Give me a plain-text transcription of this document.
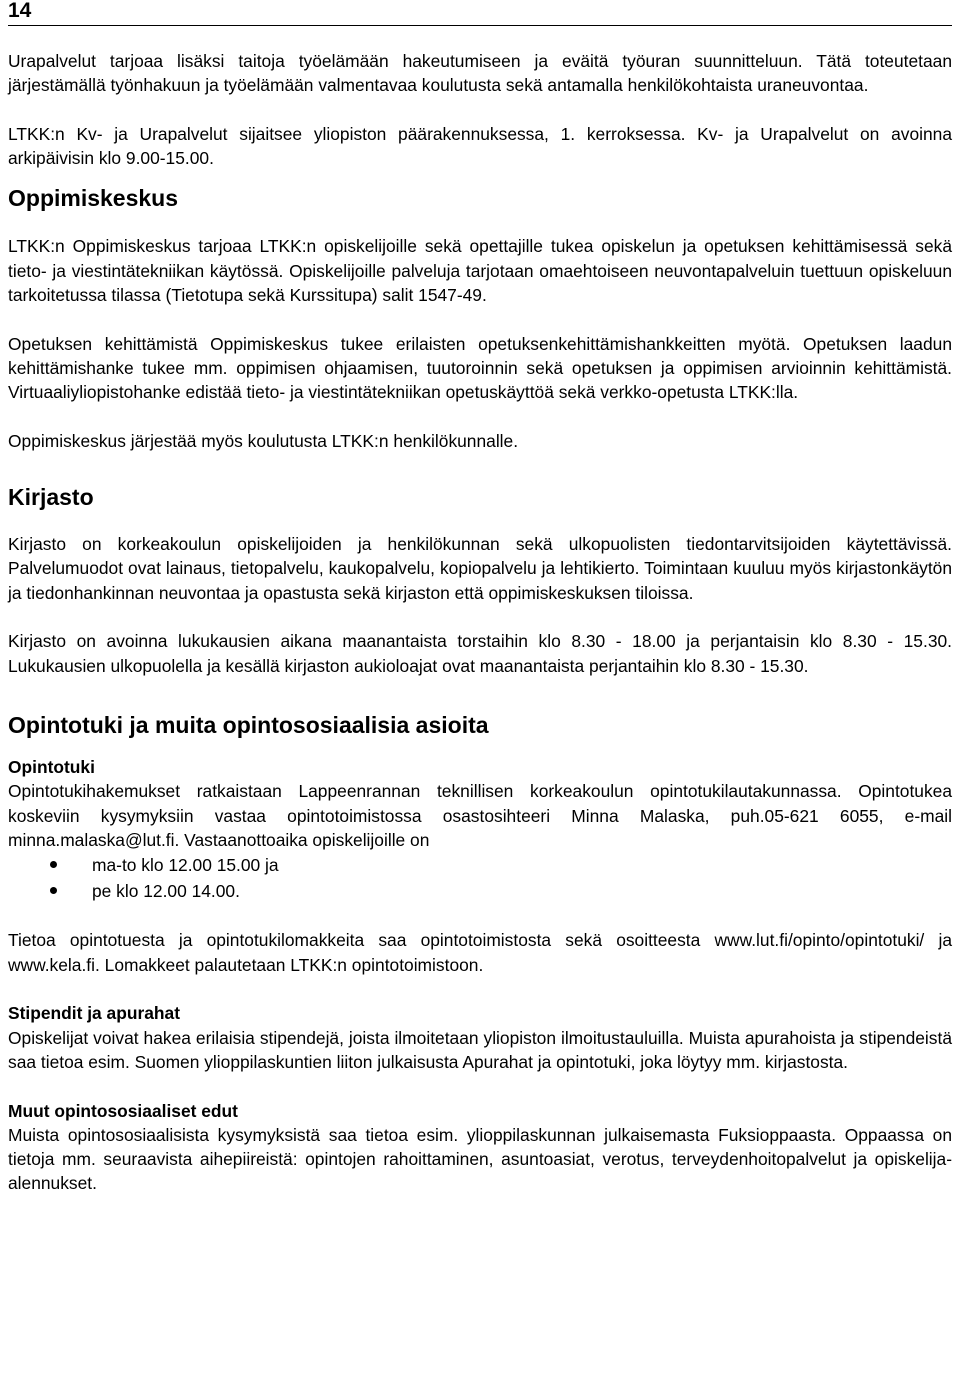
14

Urapalvelut tarjoaa lisäksi taitoja työelämään hakeutumiseen ja eväitä työuran suunnitteluun. Tätä toteutetaan järjestämällä työnhakuun ja työelämään valmentavaa koulutusta sekä antamalla henkilökohtaista uraneuvontaa.

LTKK:n Kv- ja Urapalvelut sijaitsee yliopiston päärakennuksessa, 1. kerroksessa. Kv- ja Urapalvelut on avoinna arkipäivisin klo 9.00-15.00.

Oppimiskeskus

LTKK:n Oppimiskeskus tarjoaa LTKK:n opiskelijoille sekä opettajille tukea opiskelun ja opetuksen kehittämisessä sekä tieto- ja viestintätekniikan käytössä. Opiskelijoille palveluja tarjotaan omaehtoiseen neuvontapalveluin tuettuun opiskeluun tarkoitetussa tilassa (Tietotupa sekä Kurssitupa) salit 1547-49.

Opetuksen kehittämistä Oppimiskeskus tukee erilaisten opetuksenkehittämishankkeitten myötä. Opetuksen laadun kehittämishanke tukee mm. oppimisen ohjaamisen, tuutoroinnin sekä opetuksen ja oppimisen arvioinnin kehittämistä. Virtuaaliyliopistohanke edistää tieto- ja viestintätekniikan opetuskäyttöä sekä verkko-opetusta LTKK:lla.

Oppimiskeskus järjestää myös koulutusta LTKK:n henkilökunnalle.

Kirjasto

Kirjasto on korkeakoulun opiskelijoiden ja henkilökunnan sekä ulkopuolisten tiedontarvitsijoiden käytettävissä. Palvelumuodot ovat lainaus, tietopalvelu, kaukopalvelu, kopiopalvelu ja lehtikierto. Toimintaan kuuluu myös kirjastonkäytön ja tiedonhankinnan neuvontaa ja opastusta sekä kirjaston että oppimiskeskuksen tiloissa.

Kirjasto on avoinna lukukausien aikana maanantaista torstaihin klo 8.30 - 18.00 ja perjantaisin klo 8.30 - 15.30. Lukukausien ulkopuolella ja kesällä kirjaston aukioloajat ovat maanantaista perjantaihin klo 8.30 - 15.30.

Opintotuki ja muita opintososiaalisia asioita
Opintotuki

Opintotukihakemukset ratkaistaan Lappeenrannan teknillisen korkeakoulun opintotukilautakunnassa. Opintotukea koskeviin kysymyksiin vastaa opintotoimistossa osastosihteeri Minna Malaska, puh.05-621 6055, e-mail minna.malaska@lut.fi. Vastaanottoaika opiskelijoille on

ma-to klo 12.00 15.00 ja
pe klo 12.00 14.00.

Tietoa opintotuesta ja opintotukilomakkeita saa opintotoimistosta sekä osoitteesta www.lut.fi/opinto/opintotuki/ ja www.kela.fi. Lomakkeet palautetaan LTKK:n opintotoimistoon.

Stipendit ja apurahat

Opiskelijat voivat hakea erilaisia stipendejä, joista ilmoitetaan yliopiston ilmoitustauluilla. Muista apurahoista ja stipendeistä saa tietoa esim. Suomen ylioppilaskuntien liiton julkaisusta Apurahat ja opintotuki, joka löytyy mm. kirjastosta.

Muut opintososiaaliset edut

Muista opintososiaalisista kysymyksistä saa tietoa esim. ylioppilaskunnan julkaisemasta Fuksioppaasta. Oppaassa on tietoja mm. seuraavista aihepiireistä: opintojen rahoittaminen, asuntoasiat, verotus, terveydenhoitopalvelut ja opiskelija-alennukset.
